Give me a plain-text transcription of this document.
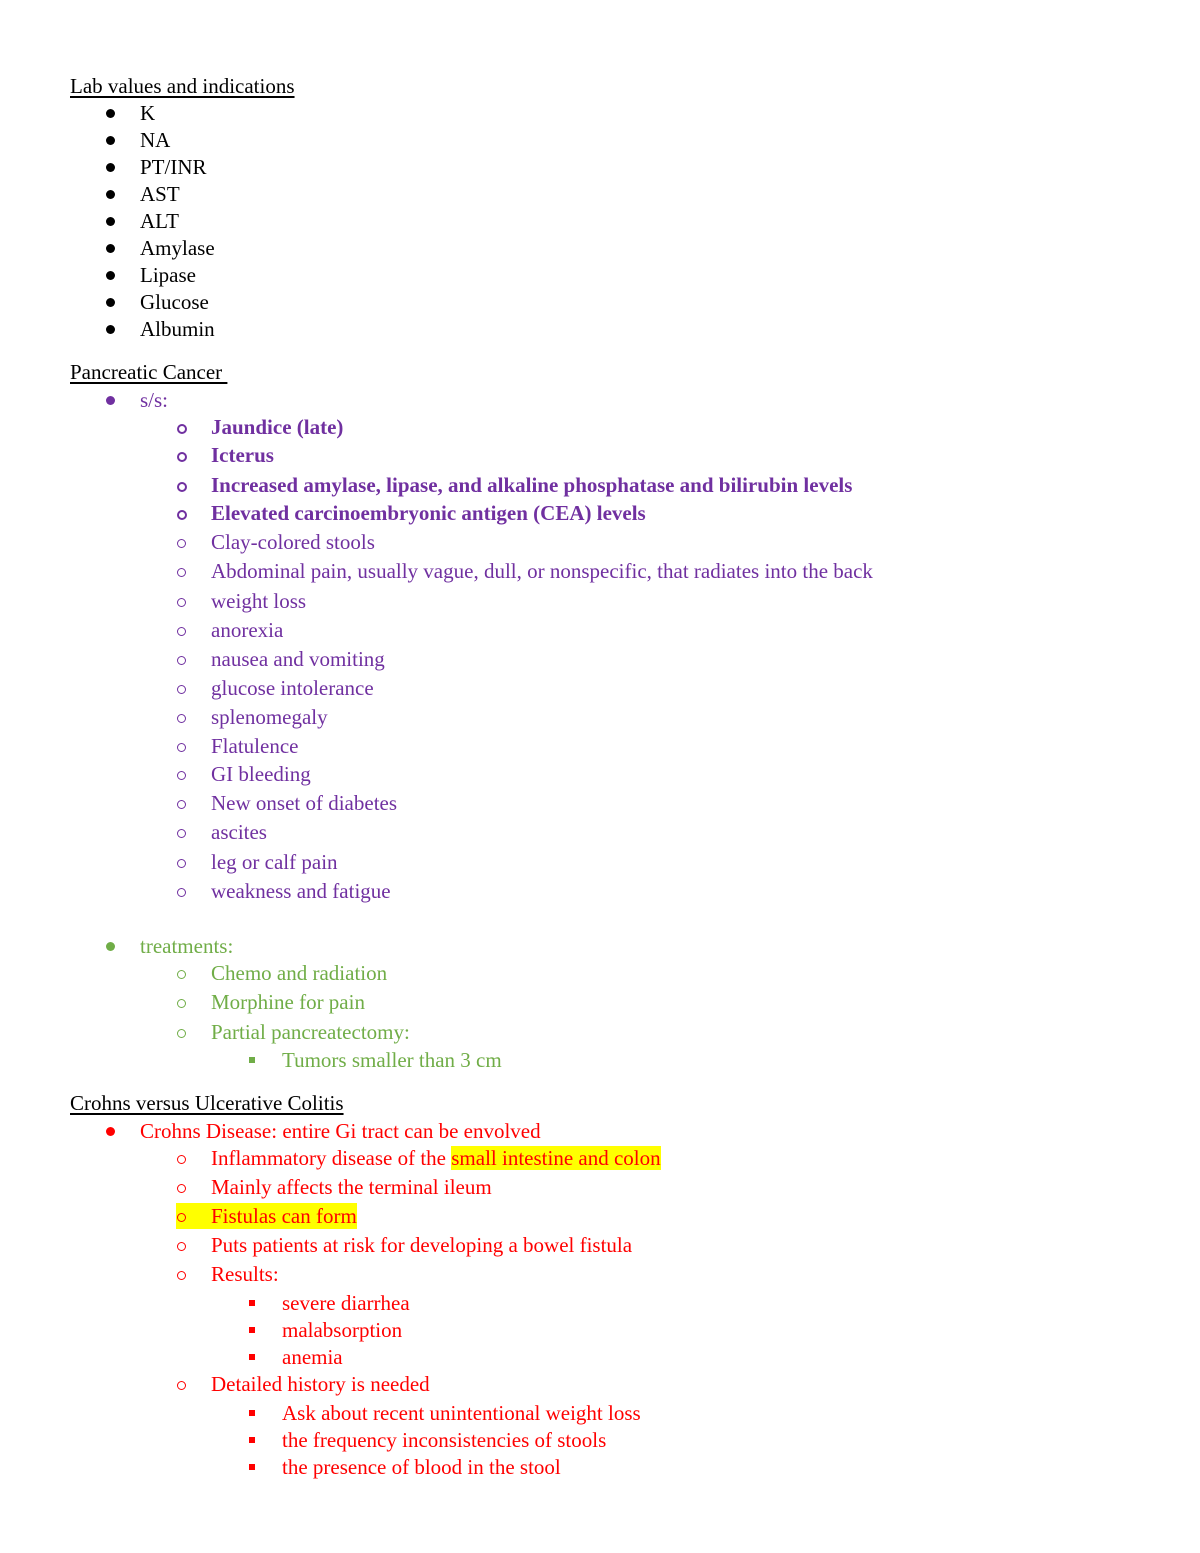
Lab values and indications
K
NA
PT/INR
AST
ALT
Amylase
Lipase
Glucose
Albumin
Pancreatic Cancer
s/s:
Jaundice (late)
Icterus
Increased amylase, lipase, and alkaline phosphatase and bilirubin levels
Elevated carcinoembryonic antigen (CEA) levels
Clay-colored stools
Abdominal pain, usually vague, dull, or nonspecific, that radiates into the back
weight loss
anorexia
nausea and vomiting
glucose intolerance
splenomegaly
Flatulence
GI bleeding
New onset of diabetes
ascites
leg or calf pain
weakness and fatigue
treatments:
Chemo and radiation
Morphine for pain
Partial pancreatectomy:
Tumors smaller than 3 cm
Crohns versus Ulcerative Colitis
Crohns Disease: entire Gi tract can be envolved
Inflammatory disease of the small intestine and colon
Mainly affects the terminal ileum
Fistulas can form
Puts patients at risk for developing a bowel fistula
Results:
severe diarrhea
malabsorption
anemia
Detailed history is needed
Ask about recent unintentional weight loss
the frequency inconsistencies of stools
the presence of blood in the stool
